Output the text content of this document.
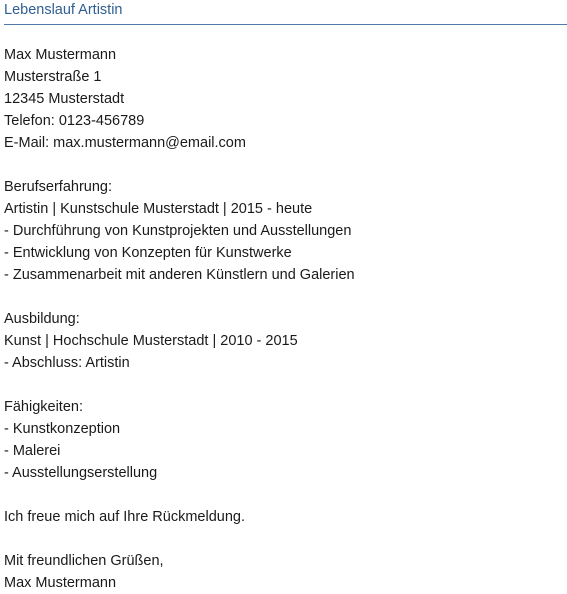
Lebenslauf Artistin
Max Mustermann
Musterstraße 1
12345 Musterstadt
Telefon: 0123-456789
E-Mail: max.mustermann@email.com
Berufserfahrung:
Artistin | Kunstschule Musterstadt | 2015 - heute
- Durchführung von Kunstprojekten und Ausstellungen
- Entwicklung von Konzepten für Kunstwerke
- Zusammenarbeit mit anderen Künstlern und Galerien
Ausbildung:
Kunst | Hochschule Musterstadt | 2010 - 2015
- Abschluss: Artistin
Fähigkeiten:
- Kunstkonzeption
- Malerei
- Ausstellungserstellung
Ich freue mich auf Ihre Rückmeldung.
Mit freundlichen Grüßen,
Max Mustermann
